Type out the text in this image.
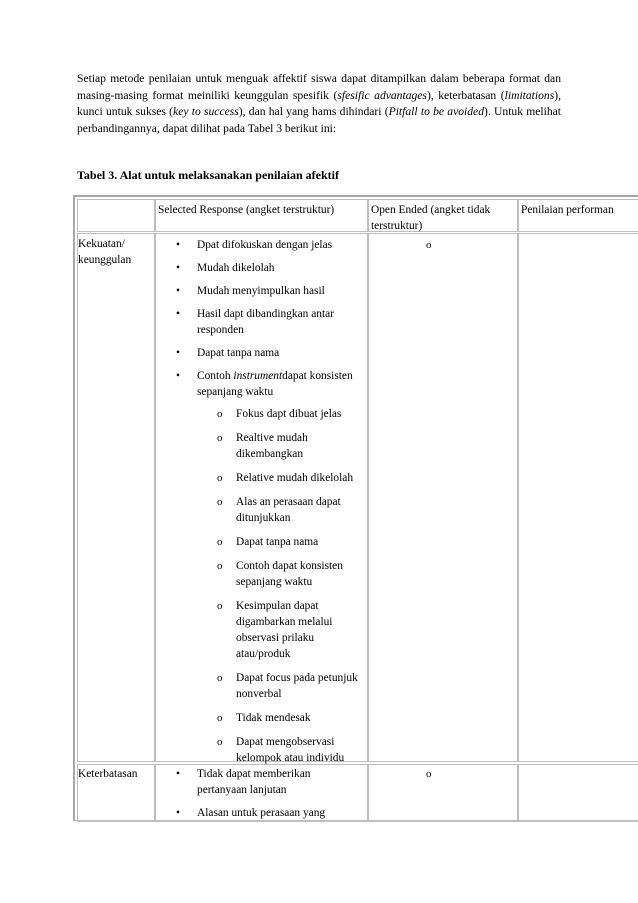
Setiap metode penilaian untuk menguak affektif siswa dapat ditampilkan dalam beberapa format dan masing-masing format meiniliki keunggulan spesifik (sfesific advantages), keterbatasan (limitations), kunci untuk sukses (key to success), dan hal yang hams dihindari (Pitfall to be avoided). Untuk melihat perbandingannya, dapat dilihat pada Tabel 3 berikut ini:

Tabel 3. Alat untuk melaksanakan penilaian afektif

Selected Response (angket terstruktur)	Open Ended (angket tidak terstruktur)
Penilaian performan
Kekuatan/ keunggulan
• Dpat difokuskan dengan jelas
• Mudah dikelolah
• Mudah menyimpulkan hasil
• Hasil dapt dibandingkan antar responden
• Dapat tanpa nama
• Contoh instrumentdapat konsisten sepanjang waktu
o Fokus dapt dibuat jelas
o Realtive mudah dikembangkan
o Relative mudah dikelolah
o Alas an perasaan dapat ditunjukkan
o Dapat tanpa nama
o Contoh dapat konsisten sepanjang waktu
o Kesimpulan dapat digambarkan melalui observasi prilaku atau/produk
o Dapat focus pada petunjuk nonverbal
o Tidak mendesak
o Dapat mengobservasi kelompok atau individu
o
Keterbatasan
•	Tidak dapat memberikan pertanyaan lanjutan
• Alasan untuk perasaan yang
o
